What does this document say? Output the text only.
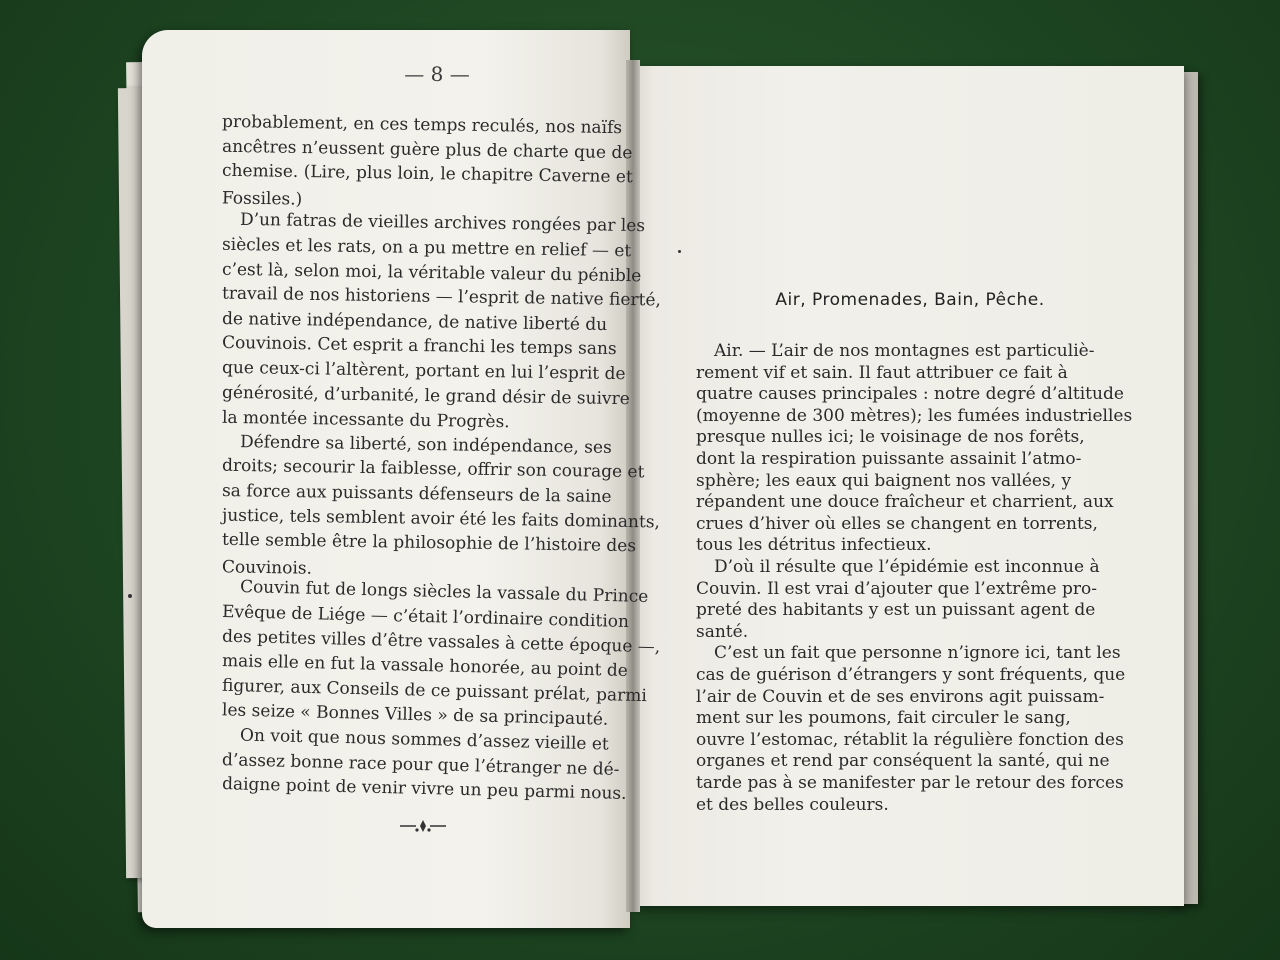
— 8 —
probablement, en ces temps reculés, nos naïfs
ancêtres n’eussent guère plus de charte que de
chemise. (Lire, plus loin, le chapitre Caverne et
Fossiles.)
D’un fatras de vieilles archives rongées par les
siècles et les rats, on a pu mettre en relief — et
c’est là, selon moi, la véritable valeur du pénible
travail de nos historiens — l’esprit de native fierté,
de native indépendance, de native liberté du
Couvinois. Cet esprit a franchi les temps sans
que ceux-ci l’altèrent, portant en lui l’esprit de
générosité, d’urbanité, le grand désir de suivre
la montée incessante du Progrès.
Défendre sa liberté, son indépendance, ses
droits; secourir la faiblesse, offrir son courage et
sa force aux puissants défenseurs de la saine
justice, tels semblent avoir été les faits dominants,
telle semble être la philosophie de l’histoire des
Couvinois.
Couvin fut de longs siècles la vassale du Prince
Evêque de Liége — c’était l’ordinaire condition
des petites villes d’être vassales à cette époque —,
mais elle en fut la vassale honorée, au point de
figurer, aux Conseils de ce puissant prélat, parmi
les seize « Bonnes Villes » de sa principauté.
On voit que nous sommes d’assez vieille et
d’assez bonne race pour que l’étranger ne dé-
daigne point de venir vivre un peu parmi nous.
Air, Promenades, Bain, Pêche.
Air. — L’air de nos montagnes est particuliè-
rement vif et sain. Il faut attribuer ce fait à
quatre causes principales : notre degré d’altitude
(moyenne de 300 mètres); les fumées industrielles
presque nulles ici; le voisinage de nos forêts,
dont la respiration puissante assainit l’atmo-
sphère; les eaux qui baignent nos vallées, y
répandent une douce fraîcheur et charrient, aux
crues d’hiver où elles se changent en torrents,
tous les détritus infectieux.
D’où il résulte que l’épidémie est inconnue à
Couvin. Il est vrai d’ajouter que l’extrême pro-
preté des habitants y est un puissant agent de
santé.
C’est un fait que personne n’ignore ici, tant les
cas de guérison d’étrangers y sont fréquents, que
l’air de Couvin et de ses environs agit puissam-
ment sur les poumons, fait circuler le sang,
ouvre l’estomac, rétablit la régulière fonction des
organes et rend par conséquent la santé, qui ne
tarde pas à se manifester par le retour des forces
et des belles couleurs.
